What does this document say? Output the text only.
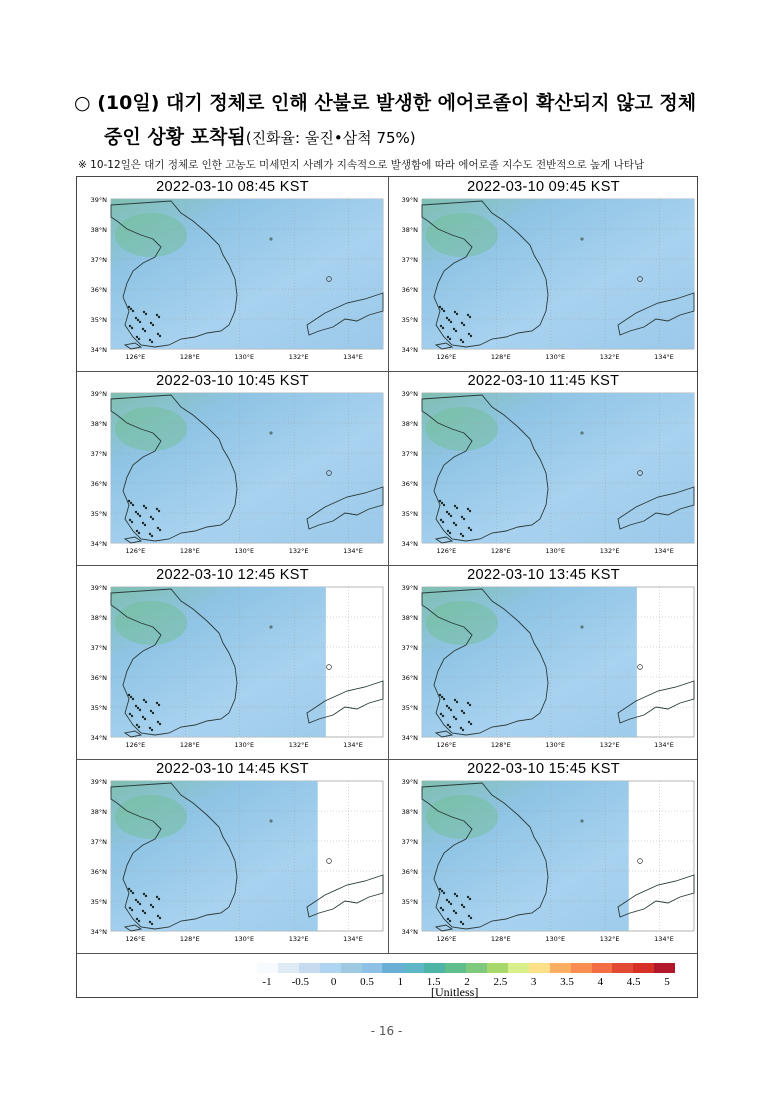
○ (10일) 대기 정체로 인해 산불로 발생한 에어로졸이 확산되지 않고 정체
중인 상황 포착됨(진화율: 울진•삼척 75%)
※ 10-12일은 대기 정체로 인한 고농도 미세먼지 사례가 지속적으로 발생함에 따라 에어로졸 지수도 전반적으로 높게 나타남
2022-03-10 08:45 KST
39°N
38°N
37°N
36°N
35°N
34°N
126°E	128°E	130°E	132°E	134°E
2022-03-10 09:45 KST
39°N
38°N
37°N
36°N
35°N
34°N
126°E	128°E	130°E	132°E	134°E
2022-03-10 10:45 KST
39°N
38°N
37°N
36°N
35°N
34°N
126°E	128°E	130°E	132°E	134°E
2022-03-10 11:45 KST
39°N
38°N
37°N
36°N
35°N
34°N
126°E	128°E	130°E	132°E	134°E
2022-03-10 12:45 KST
39°N
38°N
37°N
36°N
35°N
34°N
126°E	128°E	130°E	132°E	134°E
2022-03-10 13:45 KST
39°N
38°N
37°N
36°N
35°N
34°N
126°E	128°E	130°E	132°E	134°E
2022-03-10 14:45 KST
39°N
38°N
37°N
36°N
35°N
34°N
126°E	128°E	130°E	132°E	134°E
2022-03-10 15:45 KST
39°N
38°N
37°N
36°N
35°N
34°N
126°E	128°E	130°E	132°E	134°E
-1 -0.5 0 0.5 1 1.5 2 2.5 3 3.5 4 4.5 5
[Unitless]
- 16 -
